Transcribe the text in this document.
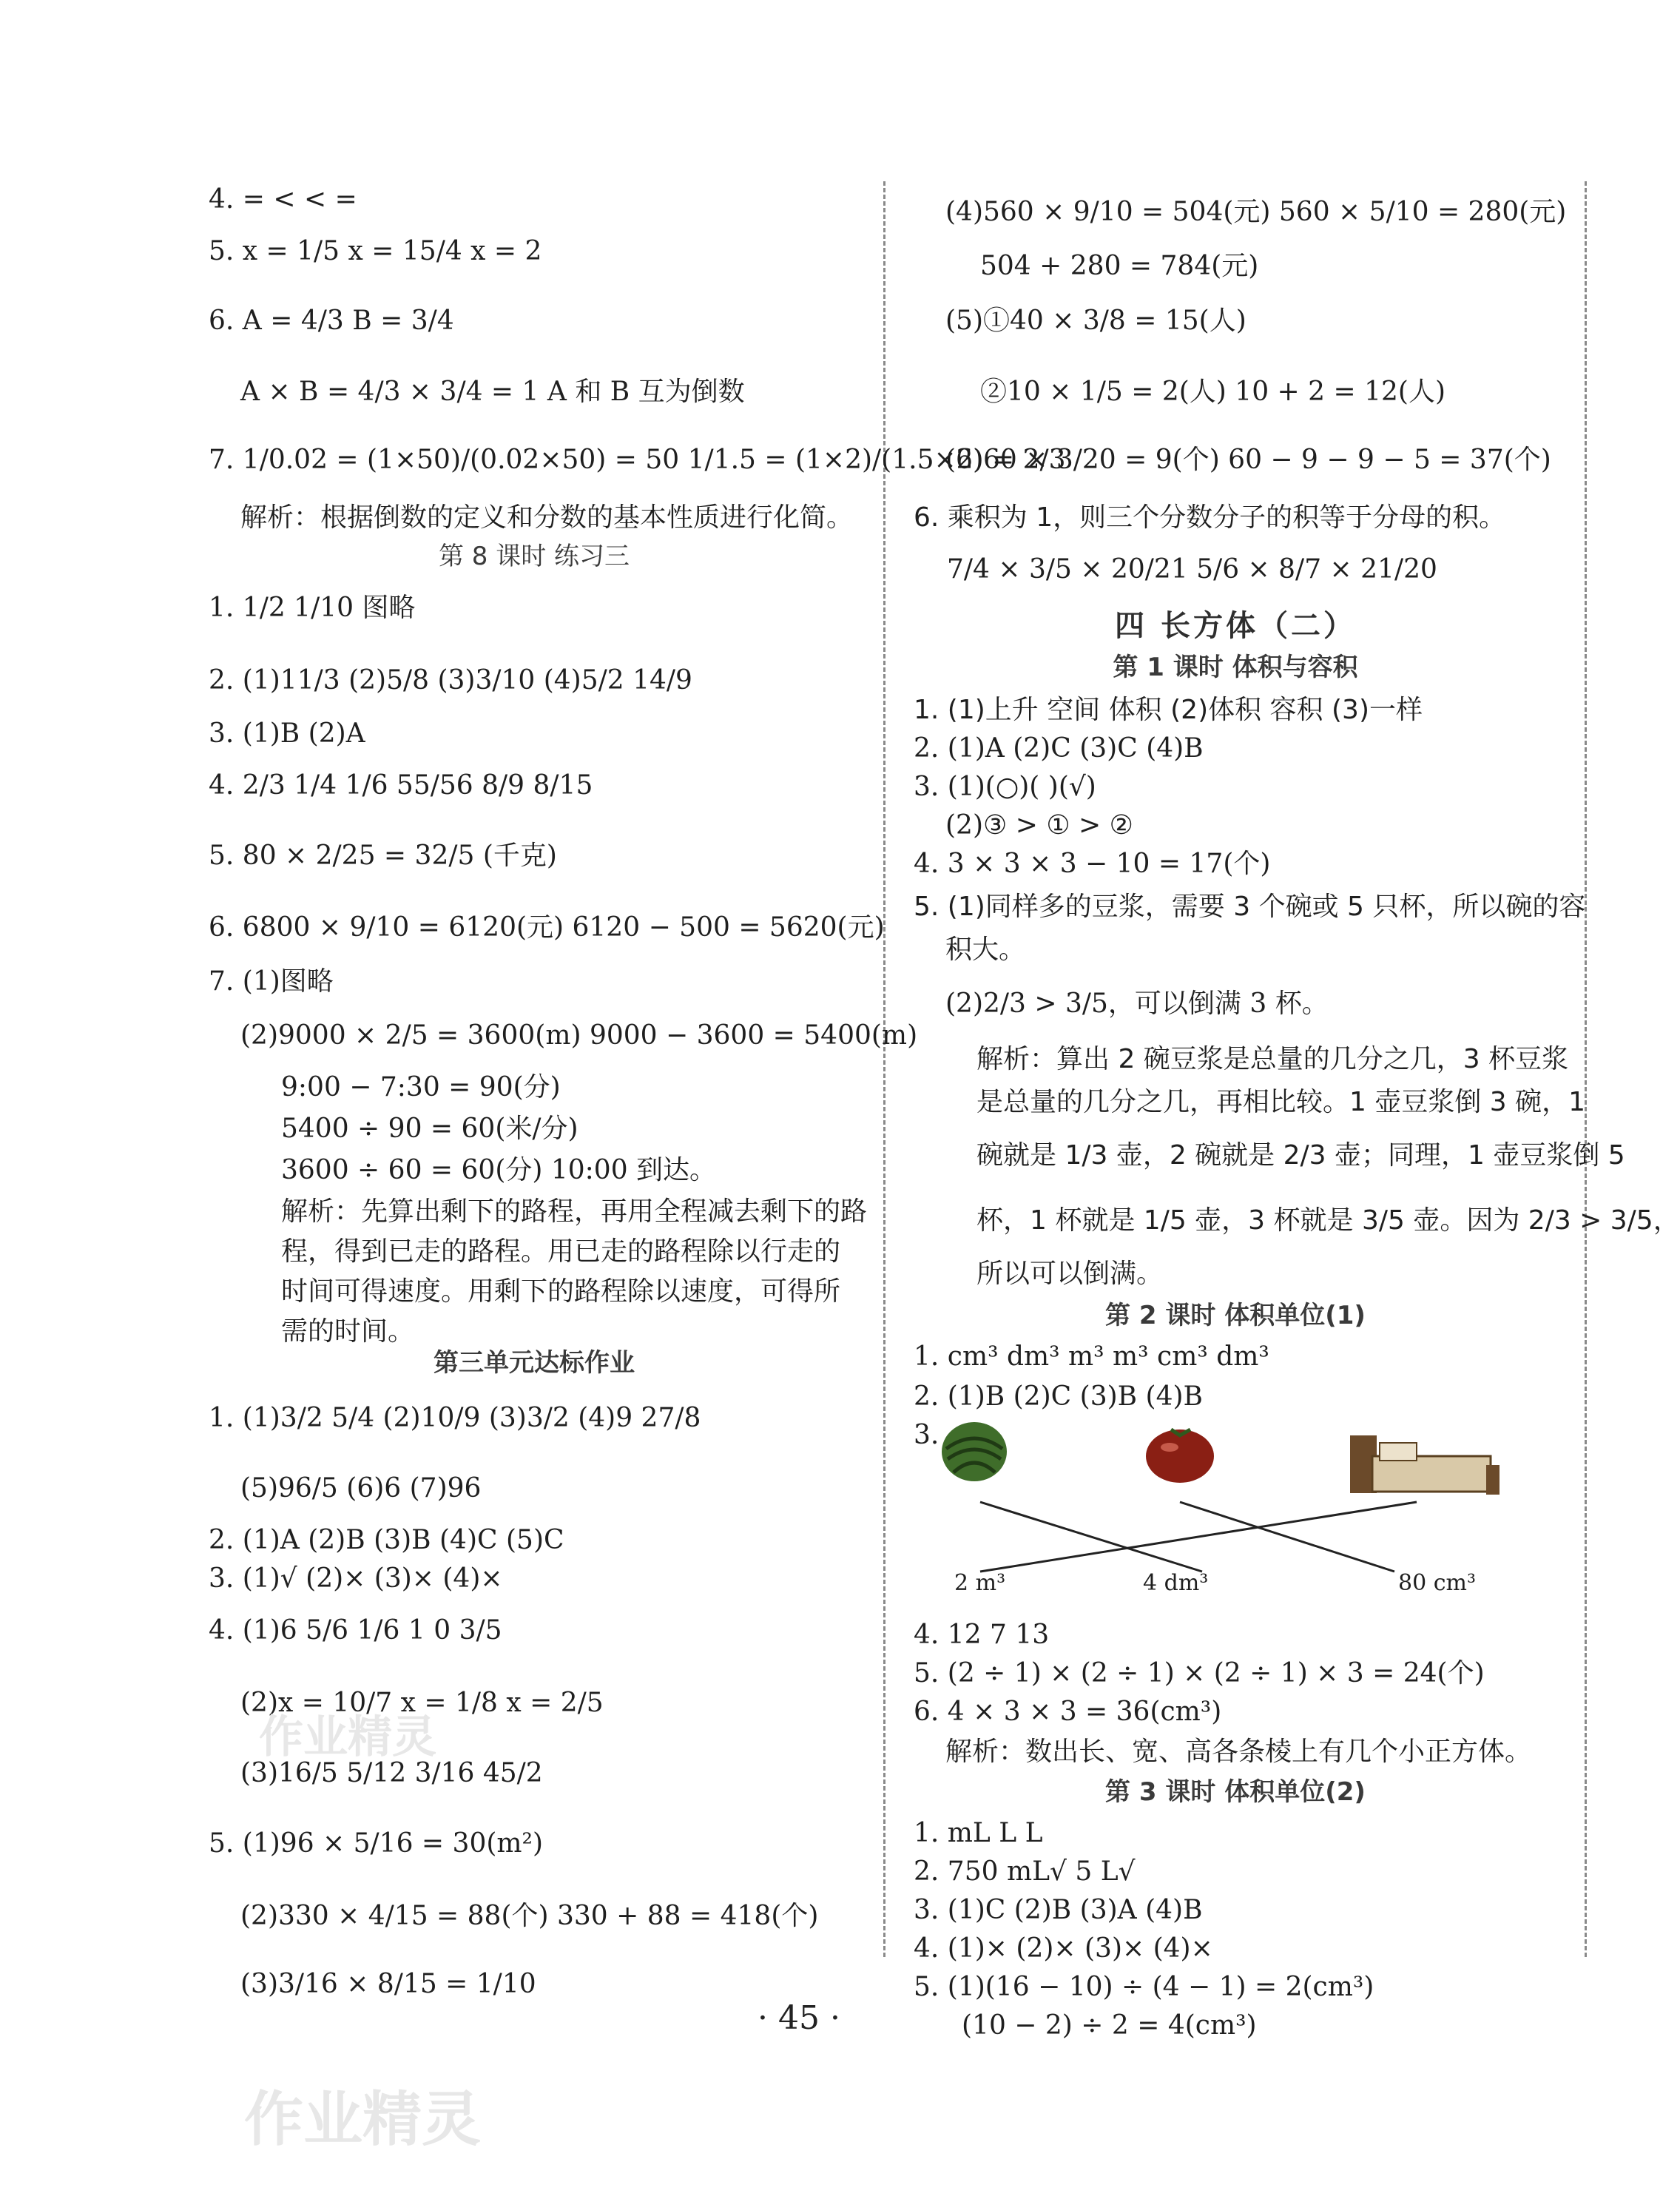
4. = < < =
5. x = 1/5 x = 15/4 x = 2
6. A = 4/3 B = 3/4
A × B = 4/3 × 3/4 = 1 A 和 B 互为倒数
7. 1/0.02 = (1×50)/(0.02×50) = 50 1/1.5 = (1×2)/(1.5×2) = 2/3
解析：根据倒数的定义和分数的基本性质进行化简。
第 8 课时 练习三
1. 1/2 1/10 图略
2. (1)11/3 (2)5/8 (3)3/10 (4)5/2 14/9
3. (1)B (2)A
4. 2/3 1/4 1/6 55/56 8/9 8/15
5. 80 × 2/25 = 32/5 (千克)
6. 6800 × 9/10 = 6120(元) 6120 − 500 = 5620(元)
7. (1)图略
(2)9000 × 2/5 = 3600(m) 9000 − 3600 = 5400(m)
9:00 − 7:30 = 90(分)
5400 ÷ 90 = 60(米/分)
3600 ÷ 60 = 60(分) 10:00 到达。
解析：先算出剩下的路程，再用全程减去剩下的路
程，得到已走的路程。用已走的路程除以行走的
时间可得速度。用剩下的路程除以速度，可得所
需的时间。
第三单元达标作业
1. (1)3/2 5/4 (2)10/9 (3)3/2 (4)9 27/8
(5)96/5 (6)6 (7)96
2. (1)A (2)B (3)B (4)C (5)C
3. (1)√ (2)× (3)× (4)×
4. (1)6 5/6 1/6 1 0 3/5
(2)x = 10/7 x = 1/8 x = 2/5
(3)16/5 5/12 3/16 45/2
5. (1)96 × 5/16 = 30(m²)
(2)330 × 4/15 = 88(个) 330 + 88 = 418(个)
(3)3/16 × 8/15 = 1/10
(4)560 × 9/10 = 504(元) 560 × 5/10 = 280(元)
504 + 280 = 784(元)
(5)①40 × 3/8 = 15(人)
②10 × 1/5 = 2(人) 10 + 2 = 12(人)
(6)60 × 3/20 = 9(个) 60 − 9 − 9 − 5 = 37(个)
6. 乘积为 1，则三个分数分子的积等于分母的积。
7/4 × 3/5 × 20/21 5/6 × 8/7 × 21/20
四 长方体（二）
第 1 课时 体积与容积
1. (1)上升 空间 体积 (2)体积 容积 (3)一样
2. (1)A (2)C (3)C (4)B
3. (1)(○)( )(√)
(2)③ > ① > ②
4. 3 × 3 × 3 − 10 = 17(个)
5. (1)同样多的豆浆，需要 3 个碗或 5 只杯，所以碗的容
积大。
(2)2/3 > 3/5，可以倒满 3 杯。
解析：算出 2 碗豆浆是总量的几分之几，3 杯豆浆
是总量的几分之几，再相比较。1 壶豆浆倒 3 碗，1
碗就是 1/3 壶，2 碗就是 2/3 壶；同理，1 壶豆浆倒 5
杯，1 杯就是 1/5 壶，3 杯就是 3/5 壶。因为 2/3 > 3/5，
所以可以倒满。
第 2 课时 体积单位(1)
1. cm³ dm³ m³ m³ cm³ dm³
2. (1)B (2)C (3)B (4)B
3.
2 m³	4 dm³	80 cm³
4. 12 7 13
5. (2 ÷ 1) × (2 ÷ 1) × (2 ÷ 1) × 3 = 24(个)
6. 4 × 3 × 3 = 36(cm³)
解析：数出长、宽、高各条棱上有几个小正方体。
第 3 课时 体积单位(2)
1. mL L L
2. 750 mL√ 5 L√
3. (1)C (2)B (3)A (4)B
4. (1)× (2)× (3)× (4)×
5. (1)(16 − 10) ÷ (4 − 1) = 2(cm³)
(10 − 2) ÷ 2 = 4(cm³)
· 45 ·
作业精灵
作业精灵
